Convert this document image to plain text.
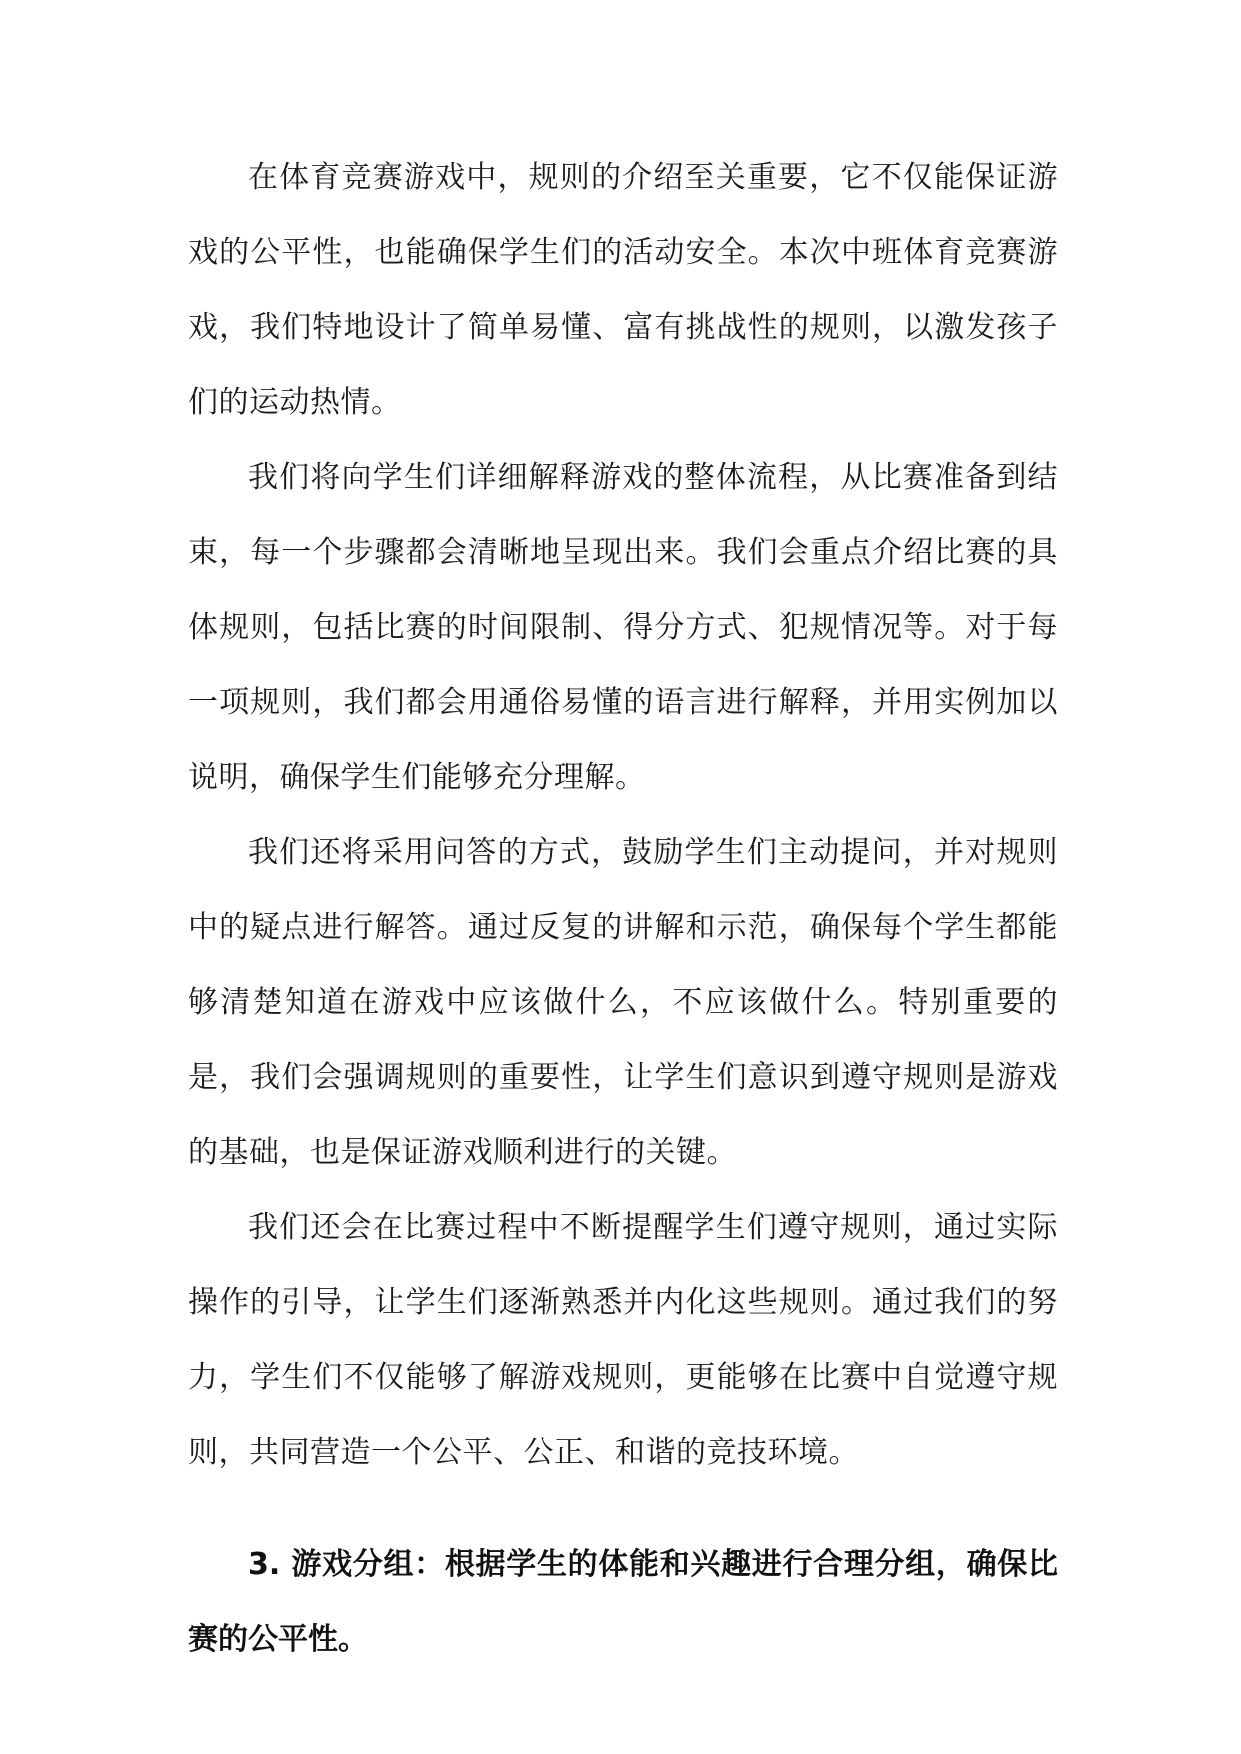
在体育竞赛游戏中，规则的介绍至关重要，它不仅能保证游戏的公平性，也能确保学生们的活动安全。本次中班体育竞赛游戏，我们特地设计了简单易懂、富有挑战性的规则，以激发孩子们的运动热情。

我们将向学生们详细解释游戏的整体流程，从比赛准备到结束，每一个步骤都会清晰地呈现出来。我们会重点介绍比赛的具体规则，包括比赛的时间限制、得分方式、犯规情况等。对于每一项规则，我们都会用通俗易懂的语言进行解释，并用实例加以说明，确保学生们能够充分理解。

我们还将采用问答的方式，鼓励学生们主动提问，并对规则中的疑点进行解答。通过反复的讲解和示范，确保每个学生都能够清楚知道在游戏中应该做什么，不应该做什么。特别重要的是，我们会强调规则的重要性，让学生们意识到遵守规则是游戏的基础，也是保证游戏顺利进行的关键。

我们还会在比赛过程中不断提醒学生们遵守规则，通过实际操作的引导，让学生们逐渐熟悉并内化这些规则。通过我们的努力，学生们不仅能够了解游戏规则，更能够在比赛中自觉遵守规则，共同营造一个公平、公正、和谐的竞技环境。

3. 游戏分组：根据学生的体能和兴趣进行合理分组，确保比赛的公平性。
